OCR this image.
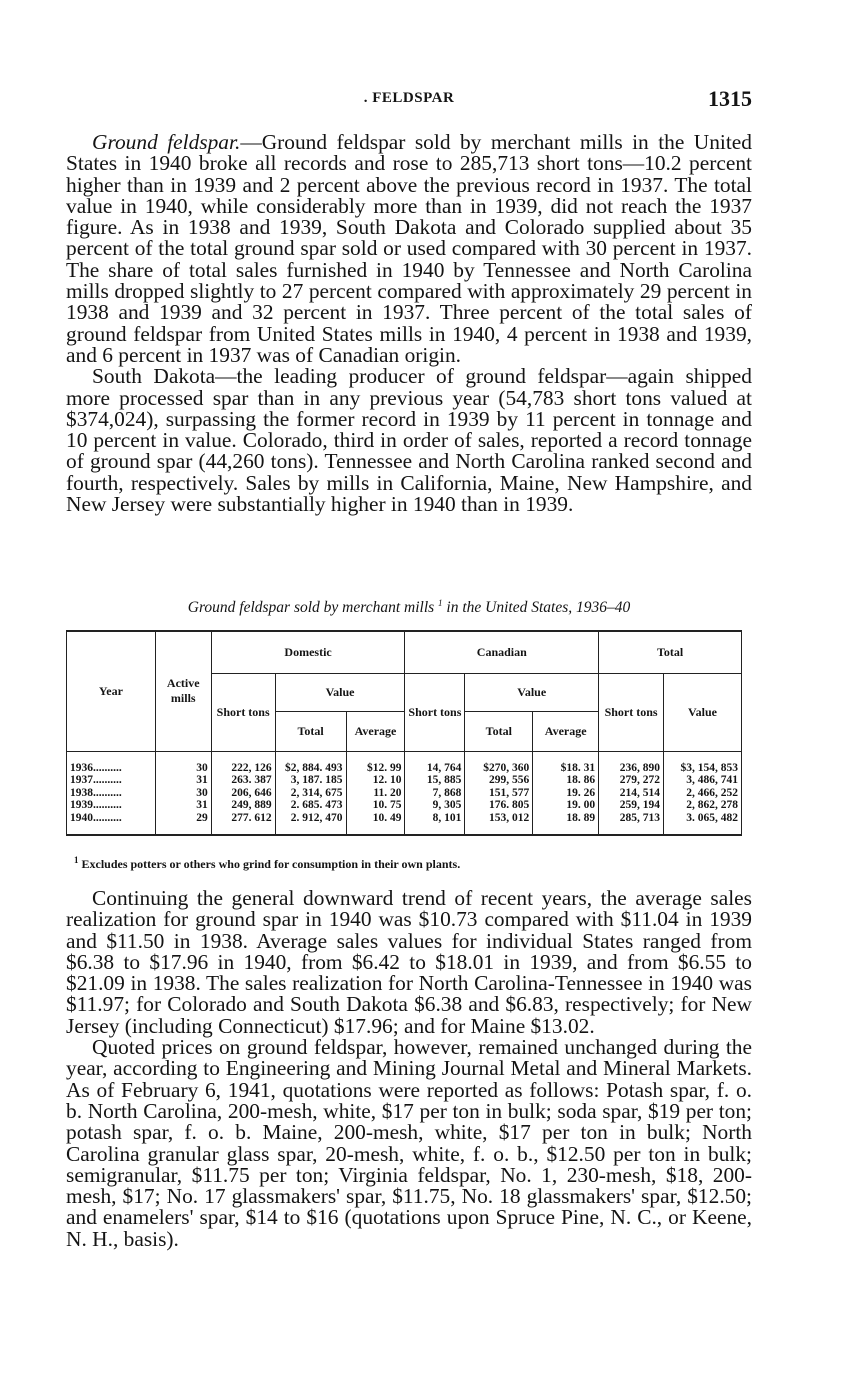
. FELDSPAR	1315

Ground feldspar.—Ground feldspar sold by merchant mills in the United States in 1940 broke all records and rose to 285,713 short tons—10.2 percent higher than in 1939 and 2 percent above the previous record in 1937. The total value in 1940, while considerably more than in 1939, did not reach the 1937 figure. As in 1938 and 1939, South Dakota and Colorado supplied about 35 percent of the total ground spar sold or used compared with 30 percent in 1937. The share of total sales furnished in 1940 by Tennessee and North Carolina mills dropped slightly to 27 percent compared with approximately 29 percent in 1938 and 1939 and 32 percent in 1937. Three percent of the total sales of ground feldspar from United States mills in 1940, 4 percent in 1938 and 1939, and 6 percent in 1937 was of Canadian origin.

South Dakota—the leading producer of ground feldspar—again shipped more processed spar than in any previous year (54,783 short tons valued at $374,024), surpassing the former record in 1939 by 11 percent in tonnage and 10 percent in value. Colorado, third in order of sales, reported a record tonnage of ground spar (44,260 tons). Tennessee and North Carolina ranked second and fourth, respectively. Sales by mills in California, Maine, New Hampshire, and New Jersey were substantially higher in 1940 than in 1939.

Ground feldspar sold by merchant mills $^1$ in the United States, 1936–40
Year	Active mills	Domestic			Canadian			Total	
		Short tons	Value		Short tons	Value		Short tons	Value
			Total	Average		Total	Average		
1936..........	30	222, 126	$2, 884. 493	$12. 99	14, 764	$270, 360	$18. 31	236, 890	$3, 154, 853
1937..........	31	263. 387	3, 187. 185	12. 10	15, 885	299, 556	18. 86	279, 272	3, 486, 741
1938..........	30	206, 646	2, 314, 675	11. 20	7, 868	151, 577	19. 26	214, 514	2, 466, 252
1939..........	31	249, 889	2. 685. 473	10. 75	9, 305	176. 805	19. 00	259, 194	2, 862, 278
1940..........	29	277. 612	2. 912, 470	10. 49	8, 101	153, 012	18. 89	285, 713	3. 065, 482
$^1$ Excludes potters or others who grind for consumption in their own plants.

Continuing the general downward trend of recent years, the average sales realization for ground spar in 1940 was $10.73 compared with $11.04 in 1939 and $11.50 in 1938. Average sales values for individual States ranged from $6.38 to $17.96 in 1940, from $6.42 to $18.01 in 1939, and from $6.55 to $21.09 in 1938. The sales realization for North Carolina-Tennessee in 1940 was $11.97; for Colorado and South Dakota $6.38 and $6.83, respectively; for New Jersey (including Connecticut) $17.96; and for Maine $13.02.

Quoted prices on ground feldspar, however, remained unchanged during the year, according to Engineering and Mining Journal Metal and Mineral Markets. As of February 6, 1941, quotations were reported as follows: Potash spar, f. o. b. North Carolina, 200-mesh, white, $17 per ton in bulk; soda spar, $19 per ton; potash spar, f. o. b. Maine, 200-mesh, white, $17 per ton in bulk; North Carolina granular glass spar, 20-mesh, white, f. o. b., $12.50 per ton in bulk; semigranular, $11.75 per ton; Virginia feldspar, No. 1, 230-mesh, $18, 200-mesh, $17; No. 17 glassmakers' spar, $11.75, No. 18 glassmakers' spar, $12.50; and enamelers' spar, $14 to $16 (quotations upon Spruce Pine, N. C., or Keene, N. H., basis).
